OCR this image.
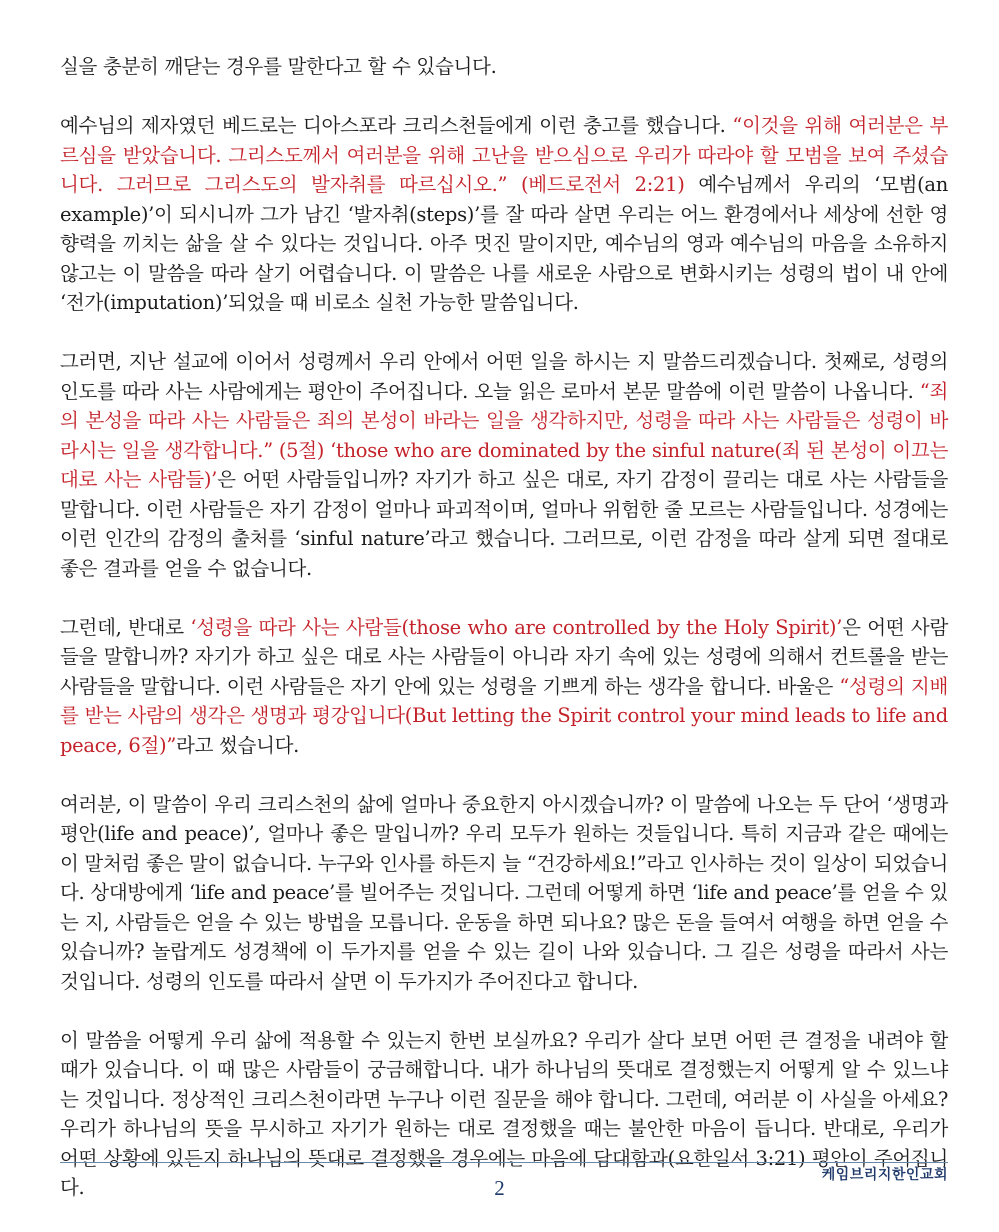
실을 충분히 깨닫는 경우를 말한다고 할 수 있습니다.

예수님의 제자였던 베드로는 디아스포라 크리스천들에게 이런 충고를 했습니다. “이것을 위해 여러분은 부르심을 받았습니다. 그리스도께서 여러분을 위해 고난을 받으심으로 우리가 따라야 할 모범을 보여 주셨습니다. 그러므로 그리스도의 발자취를 따르십시오.” (베드로전서 2:21) 예수님께서 우리의 ‘모범(an example)’이 되시니까 그가 남긴 ‘발자취(steps)’를 잘 따라 살면 우리는 어느 환경에서나 세상에 선한 영향력을 끼치는 삶을 살 수 있다는 것입니다. 아주 멋진 말이지만, 예수님의 영과 예수님의 마음을 소유하지 않고는 이 말씀을 따라 살기 어렵습니다. 이 말씀은 나를 새로운 사람으로 변화시키는 성령의 법이 내 안에 ‘전가(imputation)’되었을 때 비로소 실천 가능한 말씀입니다.

그러면, 지난 설교에 이어서 성령께서 우리 안에서 어떤 일을 하시는 지 말씀드리겠습니다. 첫째로, 성령의 인도를 따라 사는 사람에게는 평안이 주어집니다. 오늘 읽은 로마서 본문 말씀에 이런 말씀이 나옵니다. “죄의 본성을 따라 사는 사람들은 죄의 본성이 바라는 일을 생각하지만, 성령을 따라 사는 사람들은 성령이 바라시는 일을 생각합니다.” (5절) ‘those who are dominated by the sinful nature(죄 된 본성이 이끄는 대로 사는 사람들)’은 어떤 사람들입니까? 자기가 하고 싶은 대로, 자기 감정이 끌리는 대로 사는 사람들을 말합니다. 이런 사람들은 자기 감정이 얼마나 파괴적이며, 얼마나 위험한 줄 모르는 사람들입니다. 성경에는 이런 인간의 감정의 출처를 ‘sinful nature’라고 했습니다. 그러므로, 이런 감정을 따라 살게 되면 절대로 좋은 결과를 얻을 수 없습니다.

그런데, 반대로 ‘성령을 따라 사는 사람들(those who are controlled by the Holy Spirit)’은 어떤 사람들을 말합니까? 자기가 하고 싶은 대로 사는 사람들이 아니라 자기 속에 있는 성령에 의해서 컨트롤을 받는 사람들을 말합니다. 이런 사람들은 자기 안에 있는 성령을 기쁘게 하는 생각을 합니다. 바울은 “성령의 지배를 받는 사람의 생각은 생명과 평강입니다(But letting the Spirit control your mind leads to life and peace, 6절)”라고 썼습니다.

여러분, 이 말씀이 우리 크리스천의 삶에 얼마나 중요한지 아시겠습니까? 이 말씀에 나오는 두 단어 ‘생명과 평안(life and peace)’, 얼마나 좋은 말입니까? 우리 모두가 원하는 것들입니다. 특히 지금과 같은 때에는 이 말처럼 좋은 말이 없습니다. 누구와 인사를 하든지 늘 “건강하세요!”라고 인사하는 것이 일상이 되었습니다. 상대방에게 ‘life and peace’를 빌어주는 것입니다. 그런데 어떻게 하면 ‘life and peace’를 얻을 수 있는 지, 사람들은 얻을 수 있는 방법을 모릅니다. 운동을 하면 되나요? 많은 돈을 들여서 여행을 하면 얻을 수 있습니까? 놀랍게도 성경책에 이 두가지를 얻을 수 있는 길이 나와 있습니다. 그 길은 성령을 따라서 사는 것입니다. 성령의 인도를 따라서 살면 이 두가지가 주어진다고 합니다.

이 말씀을 어떻게 우리 삶에 적용할 수 있는지 한번 보실까요? 우리가 살다 보면 어떤 큰 결정을 내려야 할 때가 있습니다. 이 때 많은 사람들이 궁금해합니다. 내가 하나님의 뜻대로 결정했는지 어떻게 알 수 있느냐는 것입니다. 정상적인 크리스천이라면 누구나 이런 질문을 해야 합니다. 그런데, 여러분 이 사실을 아세요? 우리가 하나님의 뜻을 무시하고 자기가 원하는 대로 결정했을 때는 불안한 마음이 듭니다. 반대로, 우리가 어떤 상황에 있든지 하나님의 뜻대로 결정했을 경우에는 마음에 담대함과(요한일서 3:21) 평안이 주어집니다.

케임브리지한인교회
2
